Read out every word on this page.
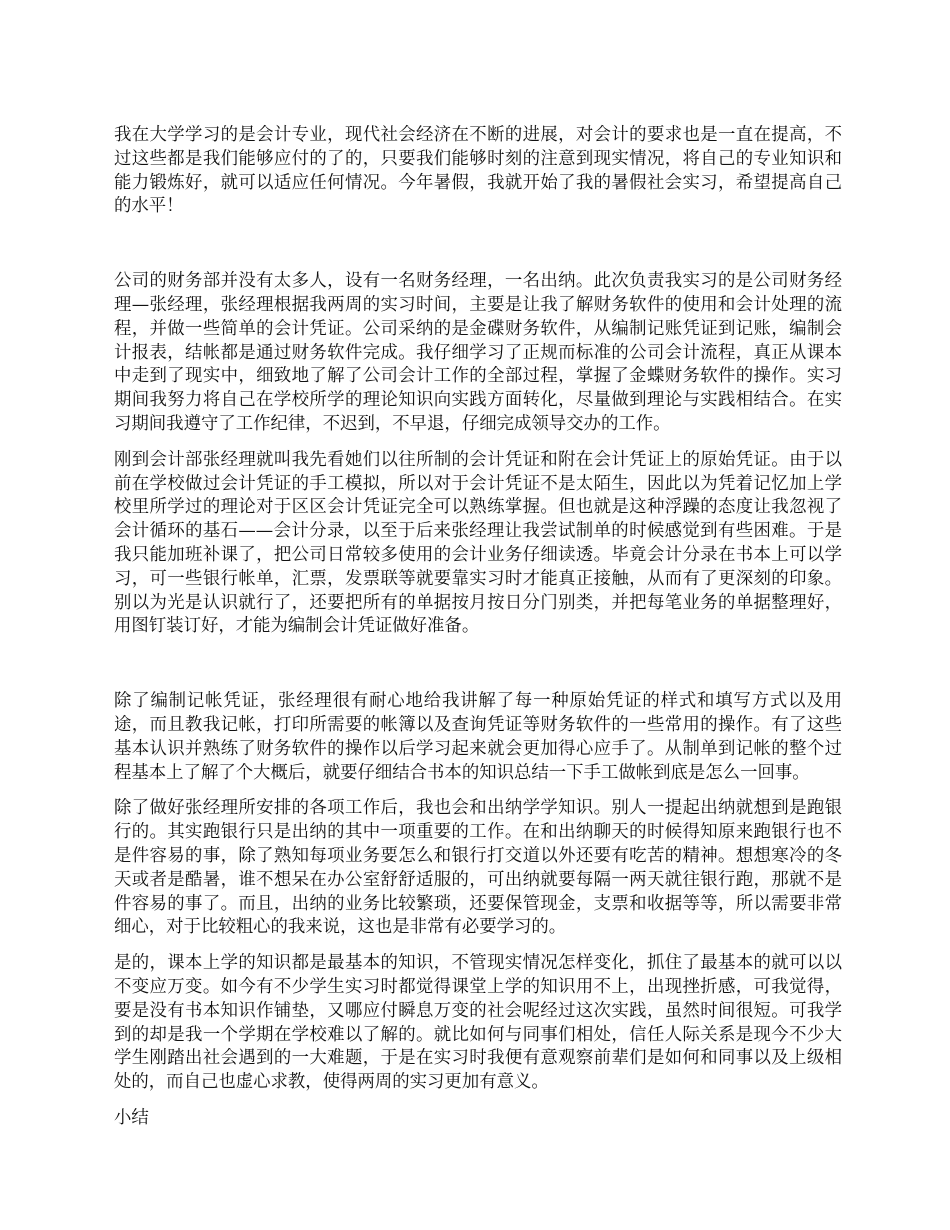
我在大学学习的是会计专业，现代社会经济在不断的进展，对会计的要求也是一直在提高，不过这些都是我们能够应付的了的，只要我们能够时刻的注意到现实情况，将自己的专业知识和能力锻炼好，就可以适应任何情况。今年暑假，我就开始了我的暑假社会实习，希望提高自己的水平！

公司的财务部并没有太多人，设有一名财务经理，一名出纳。此次负责我实习的是公司财务经理—张经理，张经理根据我两周的实习时间，主要是让我了解财务软件的使用和会计处理的流程，并做一些简单的会计凭证。公司采纳的是金碟财务软件，从编制记账凭证到记账，编制会计报表，结帐都是通过财务软件完成。我仔细学习了正规而标准的公司会计流程，真正从课本中走到了现实中，细致地了解了公司会计工作的全部过程，掌握了金蝶财务软件的操作。实习期间我努力将自己在学校所学的理论知识向实践方面转化，尽量做到理论与实践相结合。在实习期间我遵守了工作纪律，不迟到，不早退，仔细完成领导交办的工作。

刚到会计部张经理就叫我先看她们以往所制的会计凭证和附在会计凭证上的原始凭证。由于以前在学校做过会计凭证的手工模拟，所以对于会计凭证不是太陌生，因此以为凭着记忆加上学校里所学过的理论对于区区会计凭证完全可以熟练掌握。但也就是这种浮躁的态度让我忽视了会计循环的基石——会计分录，以至于后来张经理让我尝试制单的时候感觉到有些困难。于是我只能加班补课了，把公司日常较多使用的会计业务仔细读透。毕竟会计分录在书本上可以学习，可一些银行帐单，汇票，发票联等就要靠实习时才能真正接触，从而有了更深刻的印象。别以为光是认识就行了，还要把所有的单据按月按日分门别类，并把每笔业务的单据整理好，用图钉装订好，才能为编制会计凭证做好准备。

除了编制记帐凭证，张经理很有耐心地给我讲解了每一种原始凭证的样式和填写方式以及用途，而且教我记帐，打印所需要的帐簿以及查询凭证等财务软件的一些常用的操作。有了这些基本认识并熟练了财务软件的操作以后学习起来就会更加得心应手了。从制单到记帐的整个过程基本上了解了个大概后，就要仔细结合书本的知识总结一下手工做帐到底是怎么一回事。

除了做好张经理所安排的各项工作后，我也会和出纳学学知识。别人一提起出纳就想到是跑银行的。其实跑银行只是出纳的其中一项重要的工作。在和出纳聊天的时候得知原来跑银行也不是件容易的事，除了熟知每项业务要怎么和银行打交道以外还要有吃苦的精神。想想寒冷的冬天或者是酷暑，谁不想呆在办公室舒舒适服的，可出纳就要每隔一两天就往银行跑，那就不是件容易的事了。而且，出纳的业务比较繁琐，还要保管现金，支票和收据等等，所以需要非常细心，对于比较粗心的我来说，这也是非常有必要学习的。

是的，课本上学的知识都是最基本的知识，不管现实情况怎样变化，抓住了最基本的就可以以不变应万变。如今有不少学生实习时都觉得课堂上学的知识用不上，出现挫折感，可我觉得，要是没有书本知识作铺垫，又哪应付瞬息万变的社会呢经过这次实践，虽然时间很短。可我学到的却是我一个学期在学校难以了解的。就比如何与同事们相处，信任人际关系是现今不少大学生刚踏出社会遇到的一大难题，于是在实习时我便有意观察前辈们是如何和同事以及上级相处的，而自己也虚心求教，使得两周的实习更加有意义。

小结
